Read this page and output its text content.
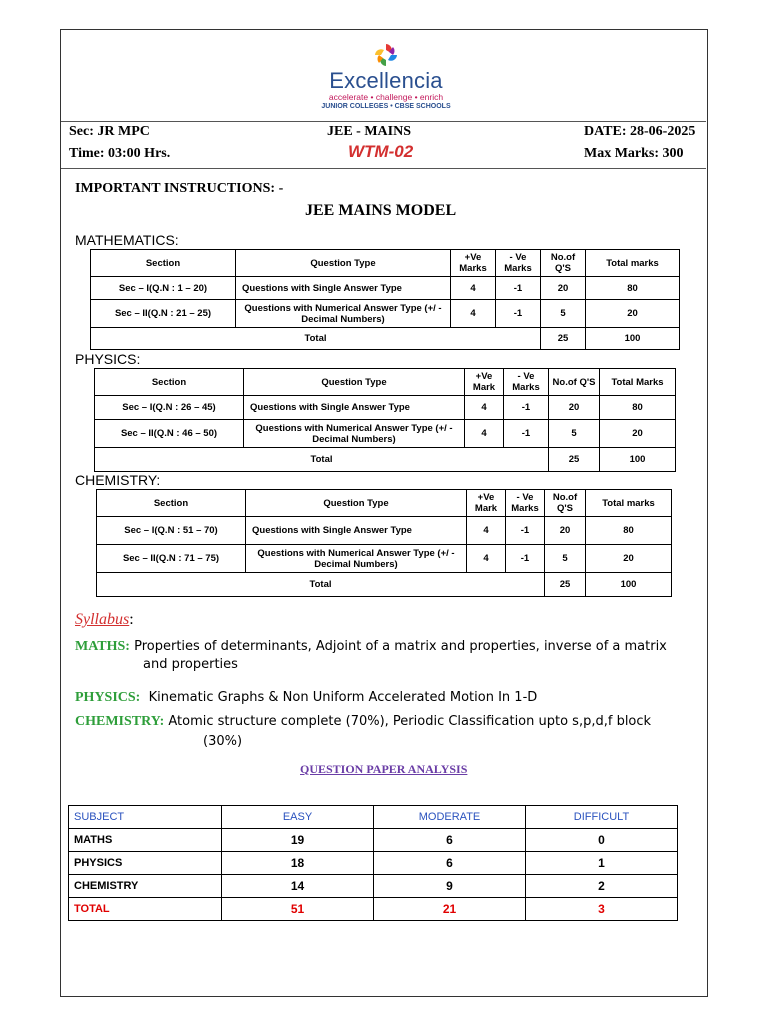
Excellencia
accelerate • challenge • enrich
JUNIOR COLLEGES • CBSE SCHOOLS
Sec: JR MPC	JEE - MAINS	DATE: 28-06-2025
Time: 03:00 Hrs.	WTM-02	Max Marks: 300
IMPORTANT INSTRUCTIONS: -
JEE MAINS MODEL
MATHEMATICS:
Section	Question Type	+Ve Marks	- Ve Marks	No.of Q'S	Total marks
Sec – I(Q.N : 1 – 20)	Questions with Single Answer Type	4	-1	20	80
Sec – II(Q.N : 21 – 25)	Questions with Numerical Answer Type (+/ - Decimal Numbers)	4	-1	5	20
Total				25	100
PHYSICS:
Section	Question Type	+Ve Mark	- Ve Marks	No.of Q'S	Total Marks
Sec – I(Q.N : 26 – 45)	Questions with Single Answer Type	4	-1	20	80
Sec – II(Q.N : 46 – 50)	Questions with Numerical Answer Type (+/ - Decimal Numbers)	4	-1	5	20
Total				25	100
CHEMISTRY:
Section	Question Type	+Ve Mark	- Ve Marks	No.of Q'S	Total marks
Sec – I(Q.N : 51 – 70)	Questions with Single Answer Type	4	-1	20	80
Sec – II(Q.N : 71 – 75)	Questions with Numerical Answer Type (+/ - Decimal Numbers)	4	-1	5	20
Total				25	100
Syllabus:
MATHS: Properties of determinants, Adjoint of a matrix and properties, inverse of a matrix
and properties
PHYSICS: Kinematic Graphs & Non Uniform Accelerated Motion In 1-D
CHEMISTRY: Atomic structure complete (70%), Periodic Classification upto s,p,d,f block
(30%)
QUESTION PAPER ANALYSIS
SUBJECT	EASY	MODERATE	DIFFICULT
MATHS	19	6	0
PHYSICS	18	6	1
CHEMISTRY	14	9	2
TOTAL	51	21	3
